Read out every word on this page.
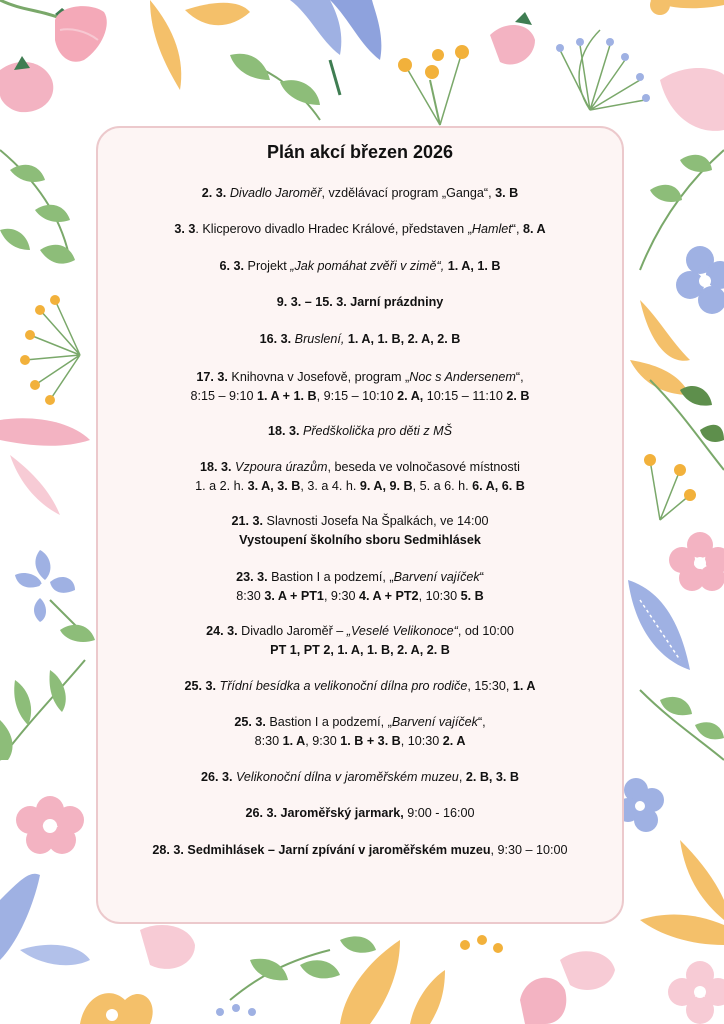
Plán akcí březen 2026
2. 3. Divadlo Jaroměř, vzdělávací program „Ganga“, 3. B
3. 3. Klicperovo divadlo Hradec Králové, představen „Hamlet“, 8. A
6. 3. Projekt „Jak pomáhat zvěři v zimě“, 1. A, 1. B
9. 3. – 15. 3. Jarní prázdniny
16. 3. Bruslení, 1. A, 1. B, 2. A, 2. B
17. 3. Knihovna v Josefově, program „Noc s Andersenem“,
8:15 – 9:10 1. A + 1. B, 9:15 – 10:10 2. A, 10:15 – 11:10 2. B
18. 3. Předškolička pro děti z MŠ
18. 3. Vzpoura úrazům, beseda ve volnočasové místnosti
1. a 2. h. 3. A, 3. B, 3. a 4. h. 9. A, 9. B, 5. a 6. h. 6. A, 6. B
21. 3. Slavnosti Josefa Na Špalkách, ve 14:00
Vystoupení školního sboru Sedmihlásek
23. 3. Bastion I a podzemí, „Barvení vajíček“
8:30 3. A + PT1, 9:30 4. A + PT2, 10:30 5. B
24. 3. Divadlo Jaroměř – „Veselé Velikonoce“, od 10:00
PT 1, PT 2, 1. A, 1. B, 2. A, 2. B
25. 3. Třídní besídka a velikonoční dílna pro rodiče, 15:30, 1. A
25. 3. Bastion I a podzemí, „Barvení vajíček“,
8:30 1. A, 9:30 1. B + 3. B, 10:30 2. A
26. 3. Velikonoční dílna v jaroměřském muzeu, 2. B, 3. B
26. 3. Jaroměřský jarmark, 9:00 - 16:00
28. 3. Sedmihlásek – Jarní zpívání v jaroměřském muzeu, 9:30 – 10:00
